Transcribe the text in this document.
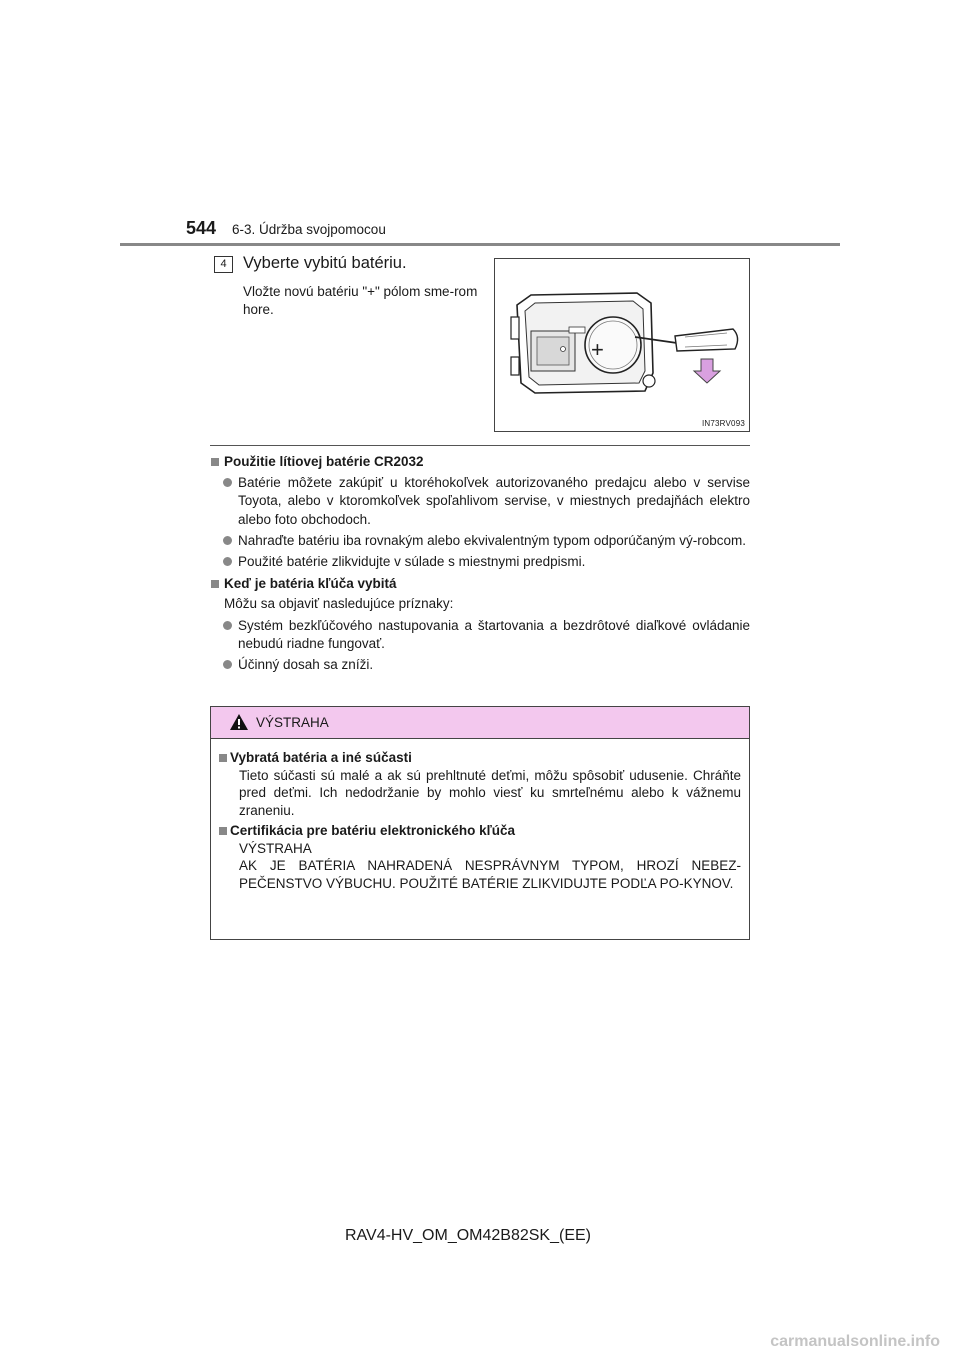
544 6-3. Údržba svojpomocou
4 Vyberte vybitú batériu.
Vložte novú batériu "+" pólom sme-rom hore.
+
IN73RV093
Použitie lítiovej batérie CR2032
Batérie môžete zakúpiť u ktoréhokoľvek autorizovaného predajcu alebo v servise Toyota, alebo v ktoromkoľvek spoľahlivom servise, v miestnych predajňách elektro alebo foto obchodoch.
Nahraďte batériu iba rovnakým alebo ekvivalentným typom odporúčaným vý-robcom.
Použité batérie zlikvidujte v súlade s miestnymi predpismi.
Keď je batéria kľúča vybitá
Môžu sa objaviť nasledujúce príznaky:
Systém bezkľúčového nastupovania a štartovania a bezdrôtové diaľkové ovládanie nebudú riadne fungovať.
Účinný dosah sa zníži.
VÝSTRAHA
Vybratá batéria a iné súčasti
Tieto súčasti sú malé a ak sú prehltnuté deťmi, môžu spôsobiť udusenie. Chráňte pred deťmi. Ich nedodržanie by mohlo viesť ku smrteľnému alebo k vážnemu zraneniu.
Certifikácia pre batériu elektronického kľúča
VÝSTRAHA
AK JE BATÉRIA NAHRADENÁ NESPRÁVNYM TYPOM, HROZÍ NEBEZ-PEČENSTVO VÝBUCHU. POUŽITÉ BATÉRIE ZLIKVIDUJTE PODĽA PO-KYNOV.
RAV4-HV_OM_OM42B82SK_(EE)
carmanualsonline.info
